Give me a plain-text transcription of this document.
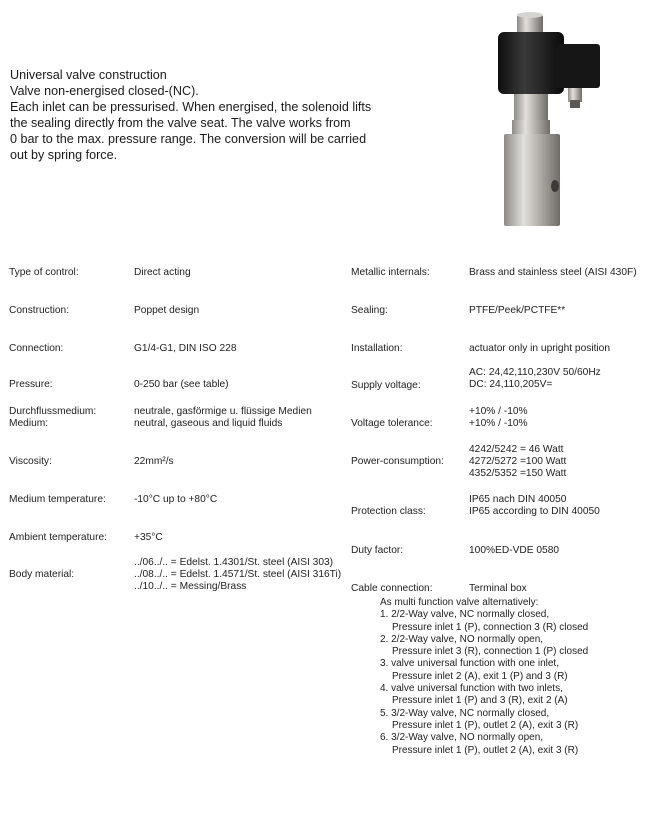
Universal valve construction
Valve non-energised closed-(NC).
Each inlet can be pressurised. When energised, the solenoid lifts
the sealing directly from the valve seat. The valve works from
0 bar to the max. pressure range. The conversion will be carried
out by spring force.
Type of control:	Direct acting
Construction:	Poppet design
Connection:	G1/4-G1, DIN ISO 228
Pressure:	0-250 bar (see table)
Durchflussmedium:
Medium:
neutrale, gasförmige u. flüssige Medien
neutral, gaseous and liquid fluids
Viscosity:	22mm²/s
Medium temperature:	-10°C up to +80°C
Ambient temperature:	+35°C
Body material:
../06../.. = Edelst. 1.4301/St. steel (AISI 303)
../08../.. = Edelst. 1.4571/St. steel (AISI 316Ti)
../10../.. = Messing/Brass
Metallic internals:	Brass and stainless steel (AISI 430F)
Sealing:	PTFE/Peek/PCTFE**
Installation:	actuator only in upright position
Supply voltage:
AC: 24,42,110,230V 50/60Hz
DC: 24,110,205V=
Voltage tolerance:
+10% / -10%
+10% / -10%
Power-consumption:
4242/5242 = 46 Watt
4272/5272 =100 Watt
4352/5352 =150 Watt
Protection class:
IP65 nach DIN 40050
IP65 according to DIN 40050
Duty factor:	100%ED-VDE 0580
Cable connection:	Terminal box
As multi function valve alternatively:
1. 2/2-Way valve, NC normally closed,
Pressure inlet 1 (P), connection 3 (R) closed
2. 2/2-Way valve, NO normally open,
Pressure inlet 3 (R), connection 1 (P) closed
3. valve universal function with one inlet,
Pressure inlet 2 (A), exit 1 (P) and 3 (R)
4. valve universal function with two inlets,
Pressure inlet 1 (P) and 3 (R), exit 2 (A)
5. 3/2-Way valve, NC normally closed,
Pressure inlet 1 (P), outlet 2 (A), exit 3 (R)
6. 3/2-Way valve, NO normally open,
Pressure inlet 1 (P), outlet 2 (A), exit 3 (R)
